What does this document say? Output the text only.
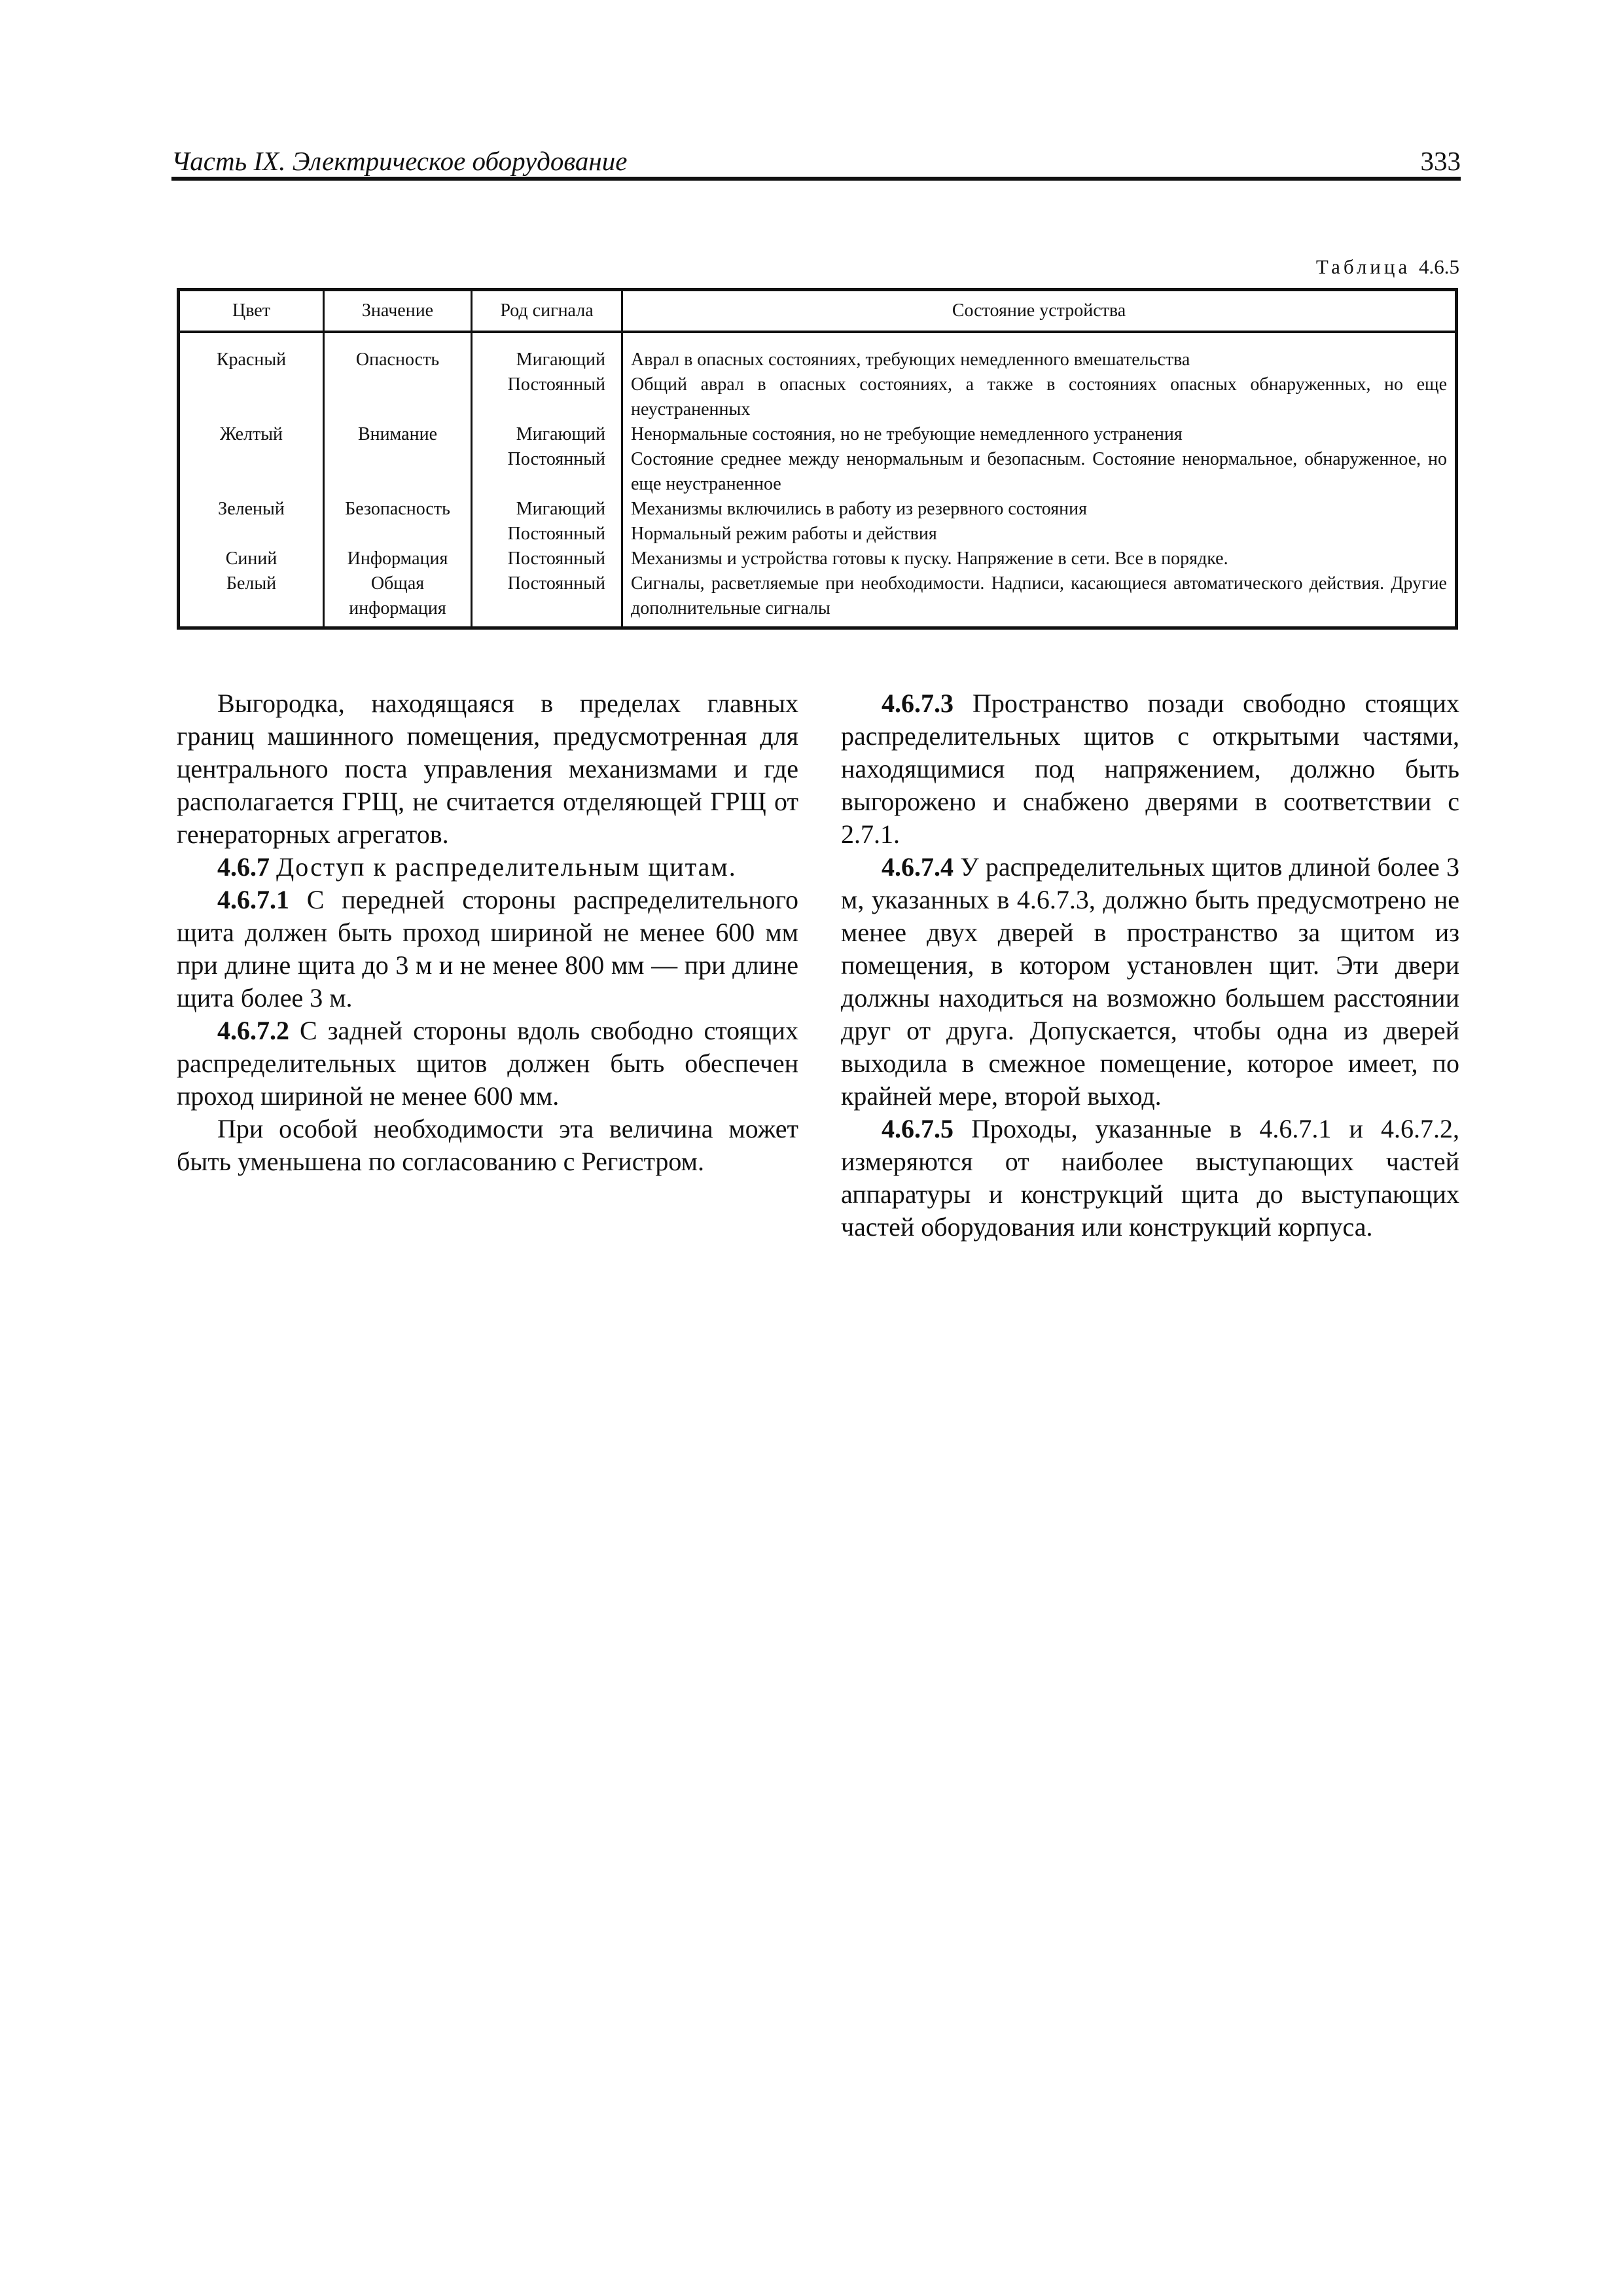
Часть IX. Электрическое оборудование	333
Таблица 4.6.5
Цвет	Значение	Род сигнала	Состояние устройства
Красный	Опасность	Мигающий	Аврал в опасных состояниях, требующих немедленного вмешательства
		Постоянный	Общий аврал в опасных состояниях, а также в состояниях опасных обнаруженных, но еще неустраненных
Желтый	Внимание	Мигающий	Ненормальные состояния, но не требующие немедленного устранения
		Постоянный	Состояние среднее между ненормальным и безопасным. Состояние ненормальное, обнаруженное, но еще неустраненное
Зеленый	Безопасность	Мигающий	Механизмы включились в работу из резервного состояния
		Постоянный	Нормальный режим работы и действия
Синий	Информация	Постоянный	Механизмы и устройства готовы к пуску. Напряжение в сети. Все в порядке.
Белый	Общая информация	Постоянный	Сигналы, расветляемые при необходимости. Надписи, касающиеся автоматического действия. Другие дополнительные сигналы

Выгородка, находящаяся в пределах главных границ машинного помещения, предусмотренная для центрального поста управления механизмами и где располагается ГРЩ, не считается отделяющей ГРЩ от генераторных агрегатов.

4.6.7 Доступ к распределительным щитам.

4.6.7.1 С передней стороны распределительного щита должен быть проход шириной не менее 600 мм при длине щита до 3 м и не менее 800 мм — при длине щита более 3 м.

4.6.7.2 С задней стороны вдоль свободно стоящих распределительных щитов должен быть обеспечен проход шириной не менее 600 мм.

При особой необходимости эта величина может быть уменьшена по согласованию с Регистром.

4.6.7.3 Пространство позади свободно стоящих распределительных щитов с открытыми частями, находящимися под напряжением, должно быть выгорожено и снабжено дверями в соответствии с 2.7.1.

4.6.7.4 У распределительных щитов длиной более 3 м, указанных в 4.6.7.3, должно быть предусмотрено не менее двух дверей в пространство за щитом из помещения, в котором установлен щит. Эти двери должны находиться на возможно большем расстоянии друг от друга. Допускается, чтобы одна из дверей выходила в смежное помещение, которое имеет, по крайней мере, второй выход.

4.6.7.5 Проходы, указанные в 4.6.7.1 и 4.6.7.2, измеряются от наиболее выступающих частей аппаратуры и конструкций щита до выступающих частей оборудования или конструкций корпуса.
